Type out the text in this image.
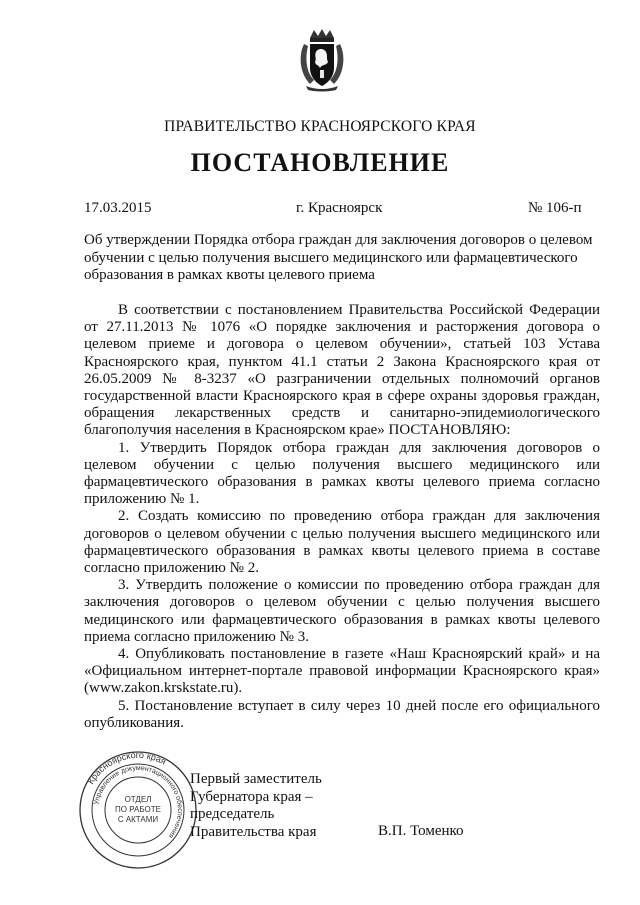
ПРАВИТЕЛЬСТВО КРАСНОЯРСКОГО КРАЯ
ПОСТАНОВЛЕНИЕ
17.03.2015	г. Красноярск	№ 106-п
Об утверждении Порядка отбора граждан для заключения договоров о целевом обучении с целью получения высшего медицинского или фармацевтического образования в рамках квоты целевого приема

В соответствии с постановлением Правительства Российской Федерации от 27.11.2013 № 1076 «О порядке заключения и расторжения договора о целевом приеме и договора о целевом обучении», статьей 103 Устава Красноярского края, пунктом 41.1 статьи 2 Закона Красноярского края от 26.05.2009 № 8-3237 «О разграничении отдельных полномочий органов государственной власти Красноярского края в сфере охраны здоровья граждан, обращения лекарственных средств и санитарно-эпидемиологического благополучия населения в Красноярском крае» ПОСТАНОВЛЯЮ:

1. Утвердить Порядок отбора граждан для заключения договоров о целевом обучении с целью получения высшего медицинского или фармацевтического образования в рамках квоты целевого приема согласно приложению № 1.

2. Создать комиссию по проведению отбора граждан для заключения договоров о целевом обучении с целью получения высшего медицинского или фармацевтического образования в рамках квоты целевого приема в составе согласно приложению № 2.

3. Утвердить положение о комиссии по проведению отбора граждан для заключения договоров о целевом обучении с целью получения высшего медицинского или фармацевтического образования в рамках квоты целевого приема согласно приложению № 3.

4. Опубликовать постановление в газете «Наш Красноярский край» и на «Официальном интернет-портале правовой информации Красноярского края» (www.zakon.krskstate.ru).

5. Постановление вступает в силу через 10 дней после его официального опубликования.

Красноярского края
Управление документационного обеспечения
ОТДЕЛ
ПО РАБОТЕ
С АКТАМИ
Первый заместитель
Губернатора края –
председатель
Правительства края	В.П. Томенко
